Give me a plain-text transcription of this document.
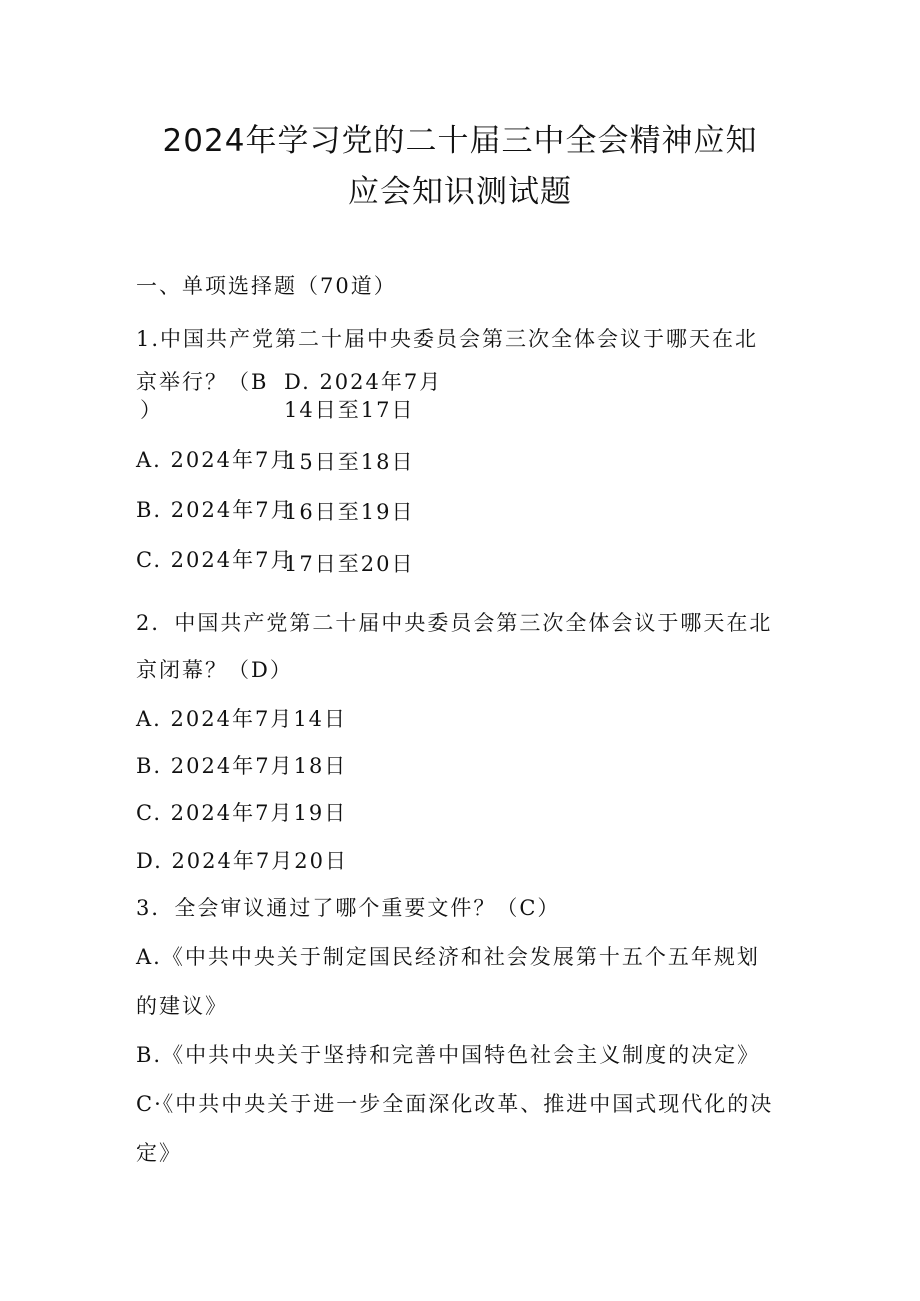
2024年学习党的二十届三中全会精神应知
应会知识测试题
一、单项选择题（70道）
1.中国共产党第二十届中央委员会第三次全体会议于哪天在北
京举行？（B
）
D. 2024年7月
14日至17日
A. 2024年7月
15日至18日
B. 2024年7月
16日至19日
C. 2024年7月
17日至20日
2．中国共产党第二十届中央委员会第三次全体会议于哪天在北
京闭幕？（D）
A. 2024年7月14日
B. 2024年7月18日
C. 2024年7月19日
D. 2024年7月20日
3．全会审议通过了哪个重要文件？（C）
A.《中共中央关于制定国民经济和社会发展第十五个五年规划
的建议》
B.《中共中央关于坚持和完善中国特色社会主义制度的决定》
C·《中共中央关于进一步全面深化改革、推进中国式现代化的决
定》
